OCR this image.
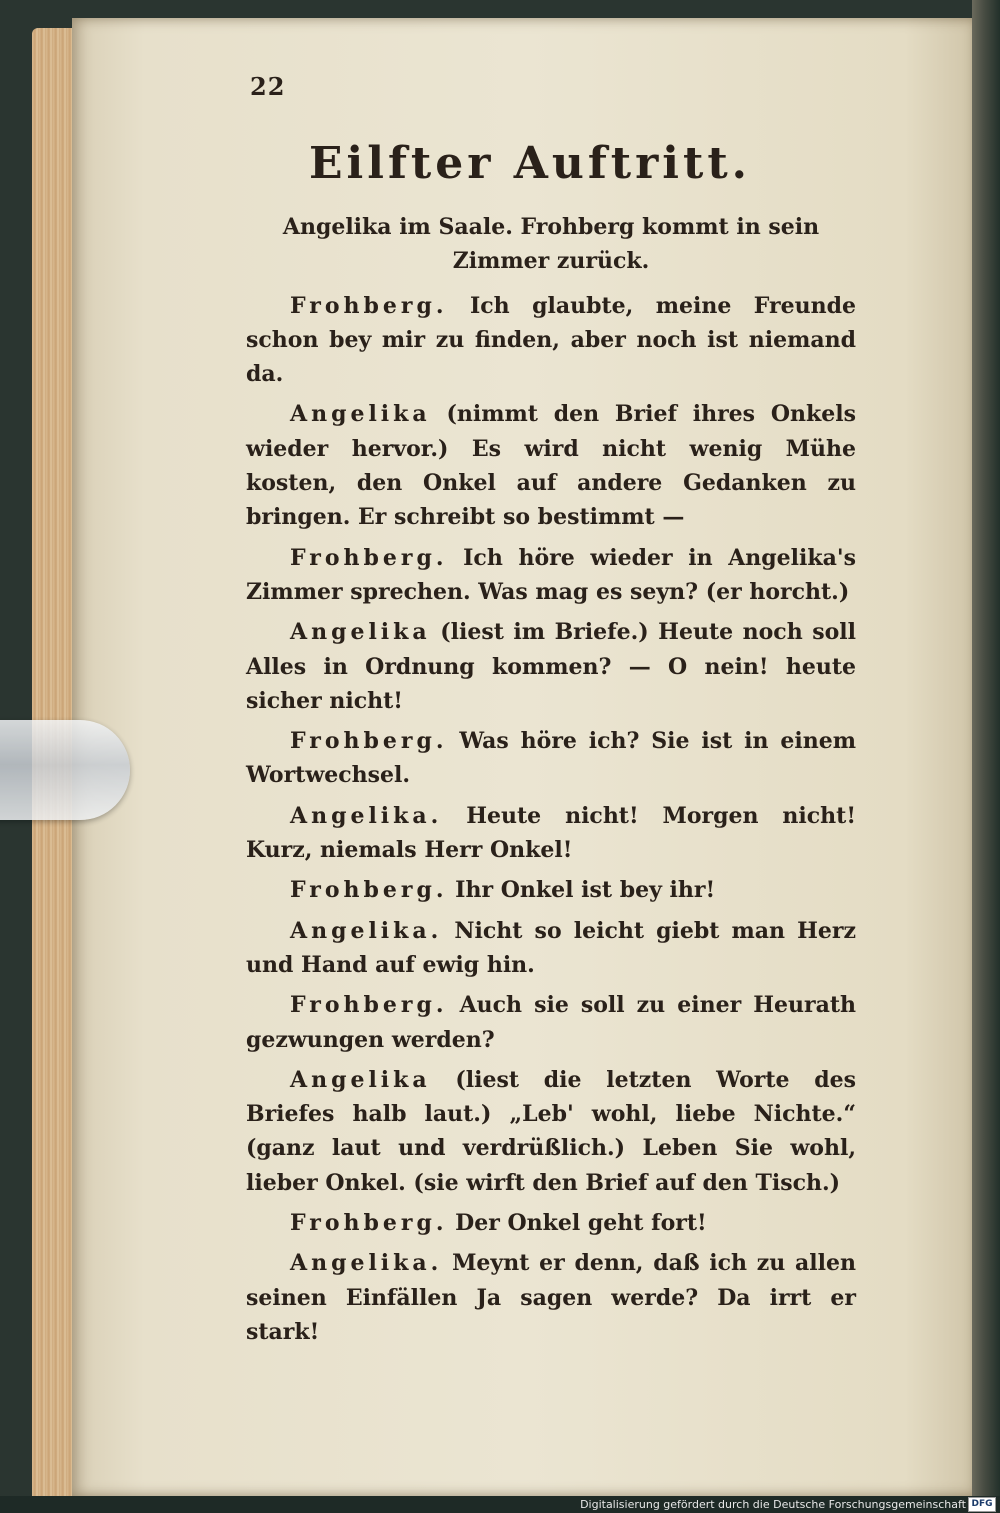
22
Eilfter Auftritt.

Angelika im Saale. Frohberg kommt in sein Zimmer zurück.

Frohberg. Ich glaubte, meine Freunde schon bey mir zu finden, aber noch ist niemand da.

Angelika (nimmt den Brief ihres Onkels wieder hervor.) Es wird nicht wenig Mühe kosten, den Onkel auf andere Gedanken zu bringen. Er schreibt so bestimmt —

Frohberg. Ich höre wieder in Angelika's Zimmer sprechen. Was mag es seyn? (er horcht.)

Angelika (liest im Briefe.) Heute noch soll Alles in Ordnung kommen? — O nein! heute sicher nicht!

Frohberg. Was höre ich? Sie ist in einem Wortwechsel.

Angelika. Heute nicht! Morgen nicht! Kurz, niemals Herr Onkel!

Frohberg. Ihr Onkel ist bey ihr!

Angelika. Nicht so leicht giebt man Herz und Hand auf ewig hin.

Frohberg. Auch sie soll zu einer Heurath gezwungen werden?

Angelika (liest die letzten Worte des Briefes halb laut.) „Leb' wohl, liebe Nichte.“ (ganz laut und verdrüßlich.) Leben Sie wohl, lieber Onkel. (sie wirft den Brief auf den Tisch.)

Frohberg. Der Onkel geht fort!

Angelika. Meynt er denn, daß ich zu allen seinen Einfällen Ja sagen werde? Da irrt er stark!

Digitalisierung gefördert durch die Deutsche Forschungsgemeinschaft DFG
